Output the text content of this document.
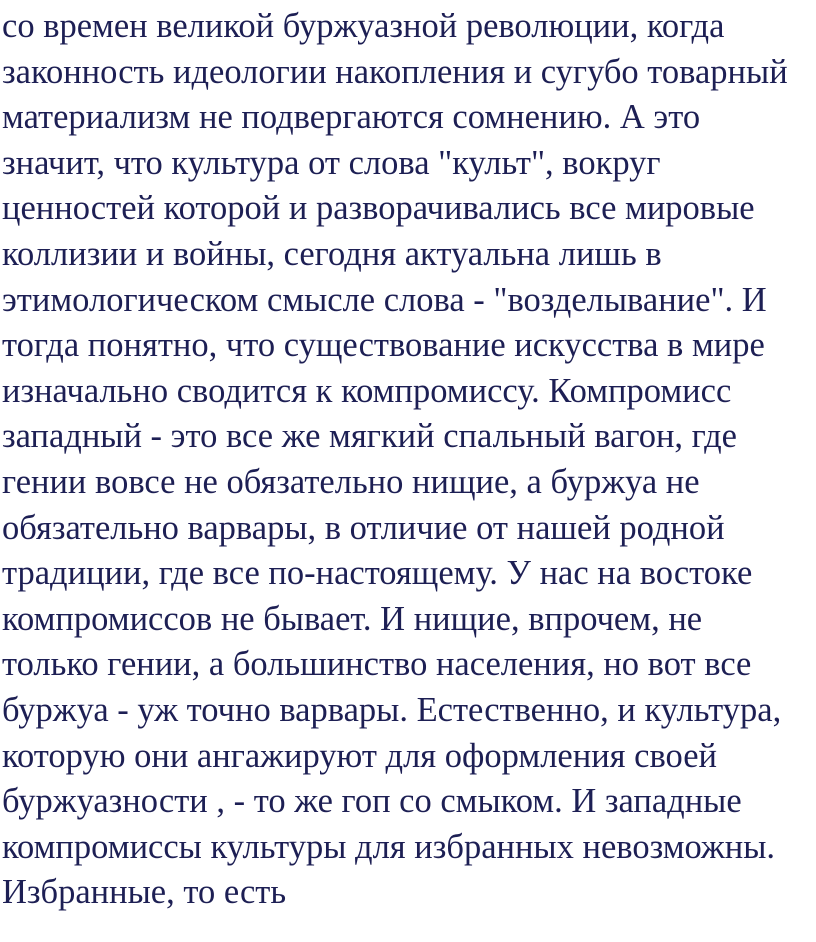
со времен великой буржуазной революции, когда
законность идеологии накопления и сугубо товарный
материализм не подвергаются сомнению. А это
значит, что культура от слова "культ", вокруг
ценностей которой и разворачивались все мировые
коллизии и войны, сегодня актуальна лишь в
этимологическом смысле слова - "возделывание". И
тогда понятно, что существование искусства в мире
изначально сводится к компромиссу. Компромисс
западный - это все же мягкий спальный вагон, где
гении вовсе не обязательно нищие, а буржуа не
обязательно варвары, в отличие от нашей родной
традиции, где все по-настоящему. У нас на востоке
компромиссов не бывает. И нищие, впрочем, не
только гении, а большинство населения, но вот все
буржуа - уж точно варвары. Естественно, и культура,
которую они ангажируют для оформления своей
буржуазности , - то же гоп со смыком. И западные
компромиссы культуры для избранных невозможны.
Избранные, то есть
